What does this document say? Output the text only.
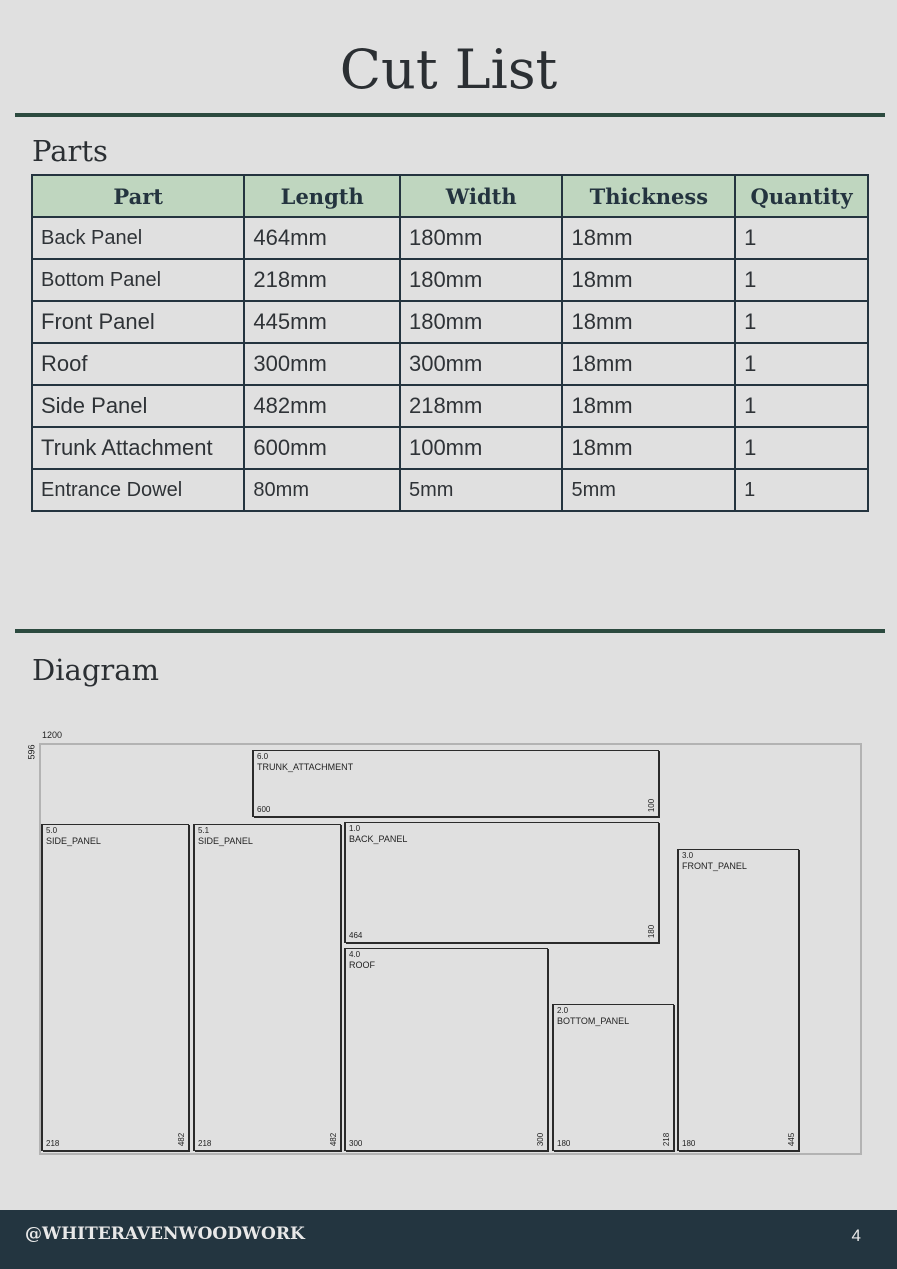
Cut List
Parts
Part	Length	Width	Thickness	Quantity
Back Panel	464mm	180mm	18mm	1
Bottom Panel	218mm	180mm	18mm	1
Front Panel	445mm	180mm	18mm	1
Roof	300mm	300mm	18mm	1
Side Panel	482mm	218mm	18mm	1
Trunk Attachment	600mm	100mm	18mm	1
Entrance Dowel	80mm	5mm	5mm	1
Diagram
1200
596	6.0
TRUNK_ATTACHMENT
600	100
5.0
SIDE_PANEL
218	482
5.1
SIDE_PANEL
218	482
1.0
BACK_PANEL
464	180
4.0
ROOF
300	300
2.0
BOTTOM_PANEL
180	218
3.0
FRONT_PANEL
180	445
@WHITERAVENWOODWORK	4
